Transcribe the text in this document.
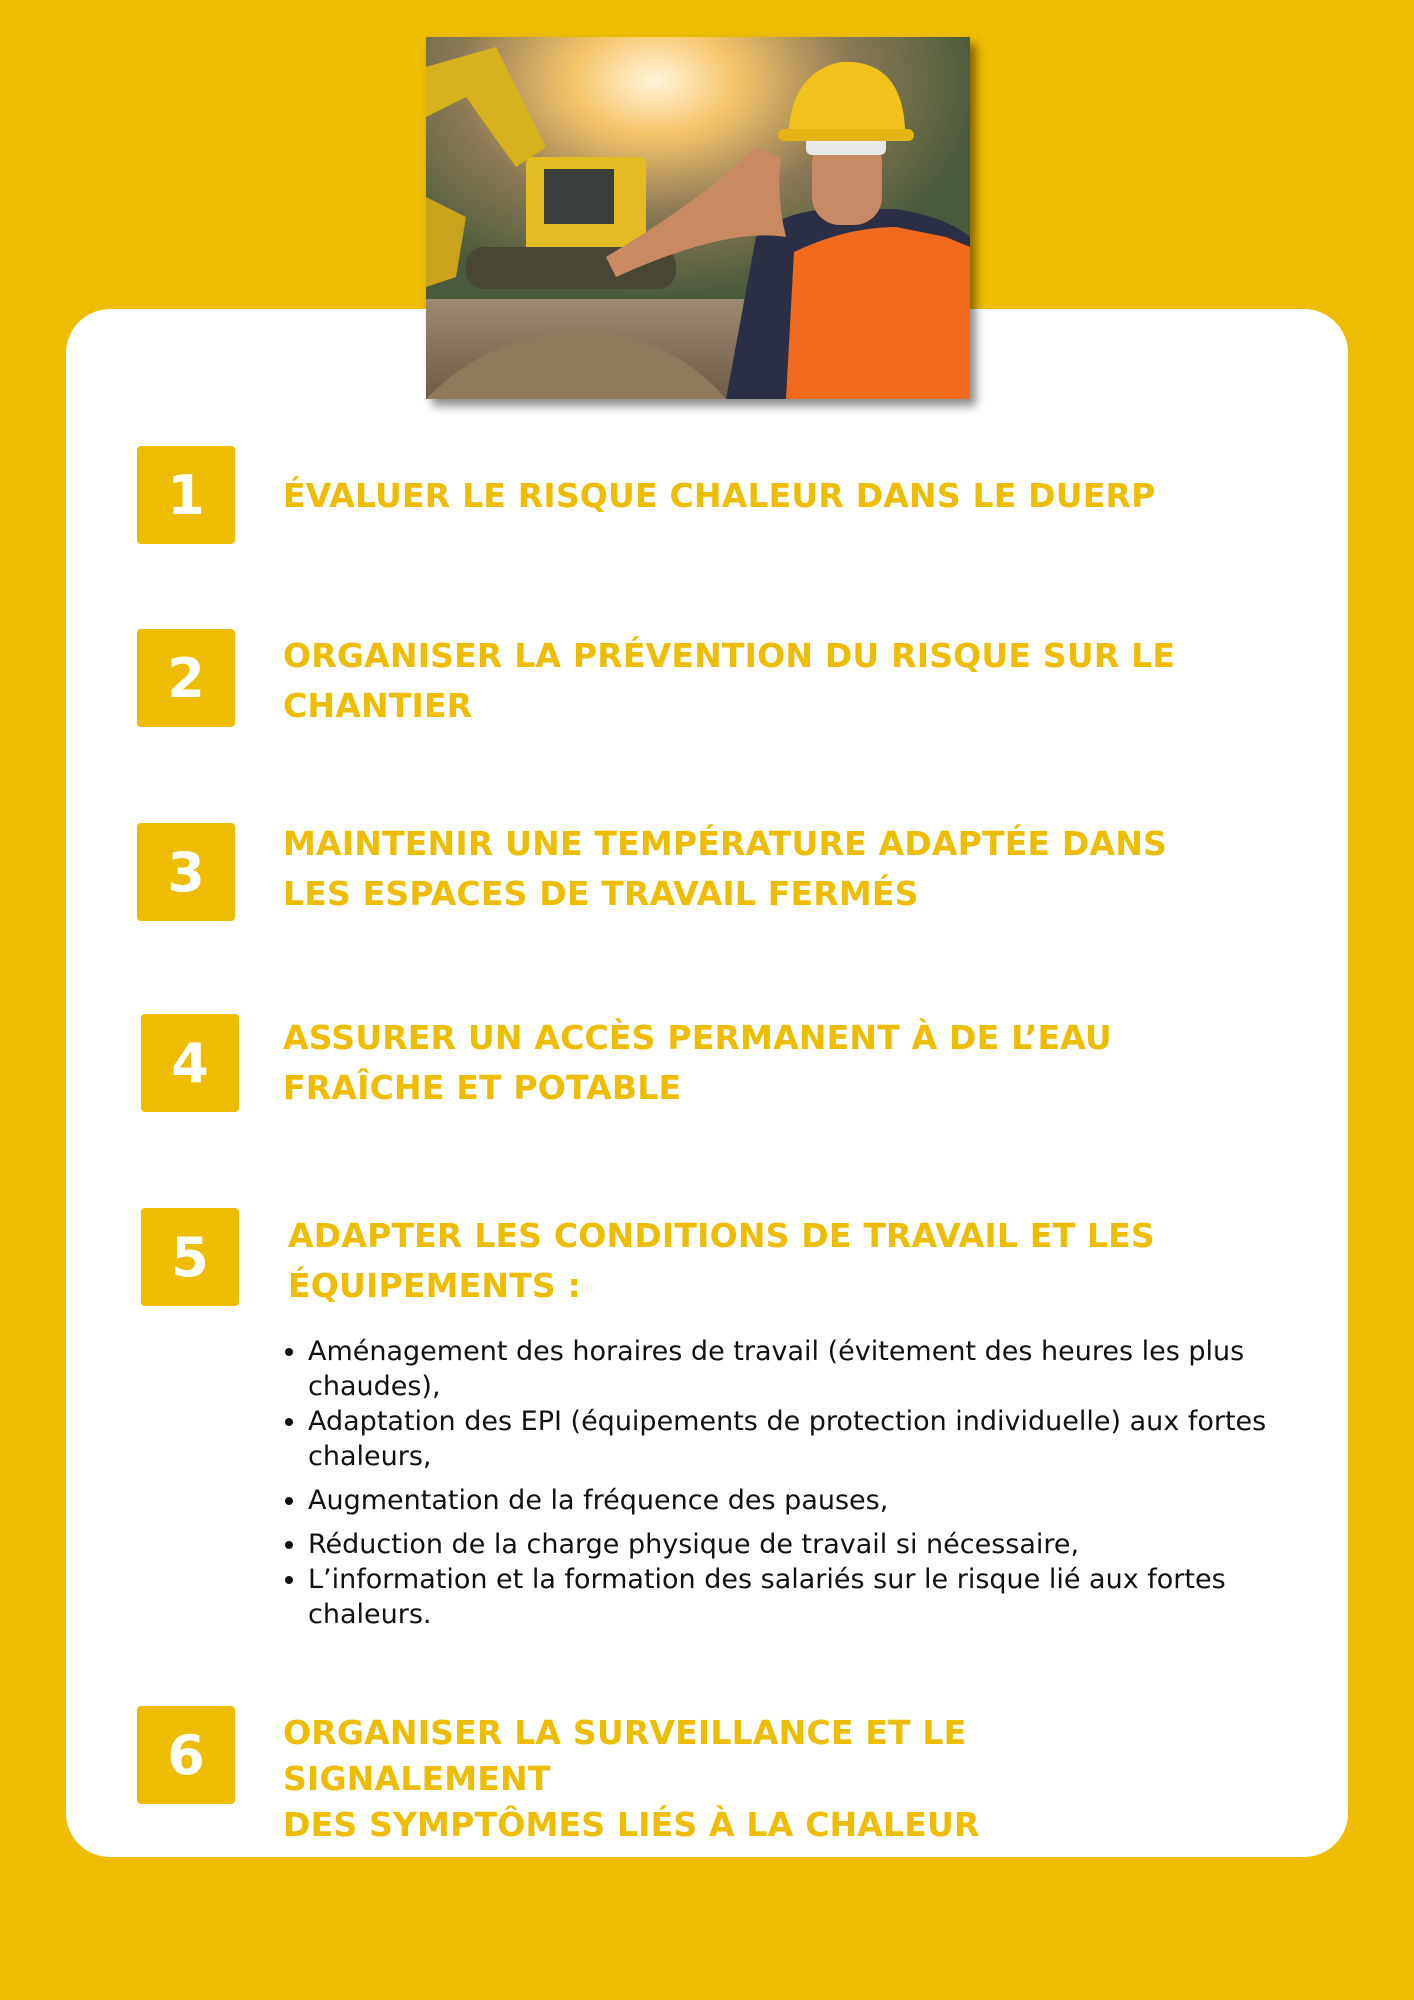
1 ÉVALUER LE RISQUE CHALEUR DANS LE DUERP
2 ORGANISER LA PRÉVENTION DU RISQUE SUR LE
CHANTIER
3 MAINTENIR UNE TEMPÉRATURE ADAPTÉE DANS
LES ESPACES DE TRAVAIL FERMÉS
4 ASSURER UN ACCÈS PERMANENT À DE L’EAU
FRAÎCHE ET POTABLE
5 ADAPTER LES CONDITIONS DE TRAVAIL ET LES
ÉQUIPEMENTS :
• Aménagement des horaires de travail (évitement des heures les plus chaudes),
• Adaptation des EPI (équipements de protection individuelle) aux fortes chaleurs,
• Augmentation de la fréquence des pauses,
• Réduction de la charge physique de travail si nécessaire,
• L’information et la formation des salariés sur le risque lié aux fortes chaleurs.
6 ORGANISER LA SURVEILLANCE ET LE SIGNALEMENT
DES SYMPTÔMES LIÉS À LA CHALEUR
